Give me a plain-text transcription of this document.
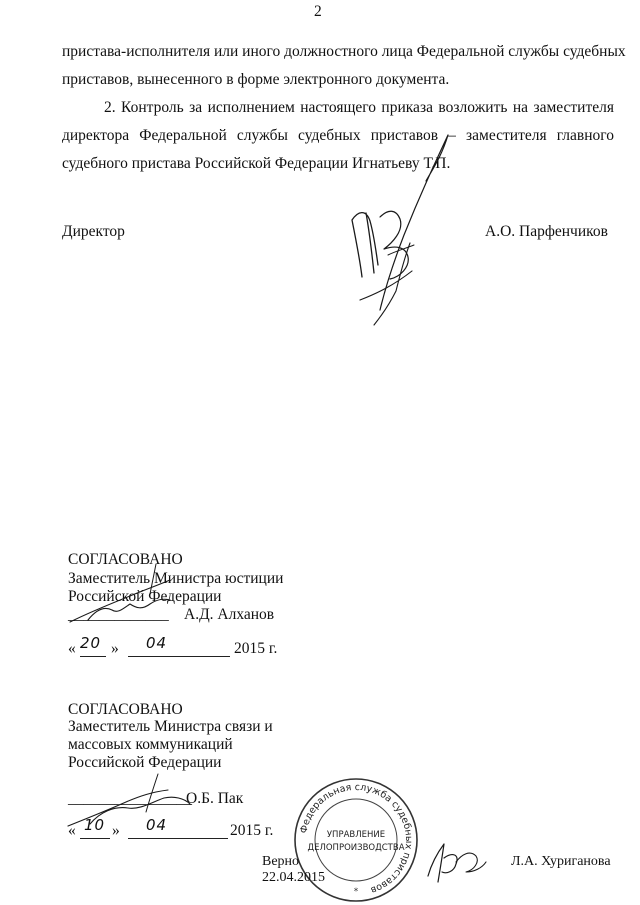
2
пристава-исполнителя или иного должностного лица Федеральной службы судебных
приставов, вынесенного в форме электронного документа.
2. Контроль за исполнением настоящего приказа возложить на заместителя
директора Федеральной службы судебных приставов – заместителя главного
судебного пристава Российской Федерации Игнатьеву Т.П.
Директор	А.О. Парфенчиков
СОГЛАСОВАНО
Заместитель Министра юстиции
Российской Федерации
_____________ А.Д. Алханов
« 20 » 04	2015 г.
СОГЛАСОВАНО
Заместитель Министра связи и
массовых коммуникаций
Российской Федерации
________________
О.Б. Пак
« 10 » 04	2015 г.	Федеральная служба судебных приставов
УПРАВЛЕНИЕ
ДЕЛОПРОИЗВОДСТВА
*
Верно
22.04.2015
Л.А. Хуриганова
